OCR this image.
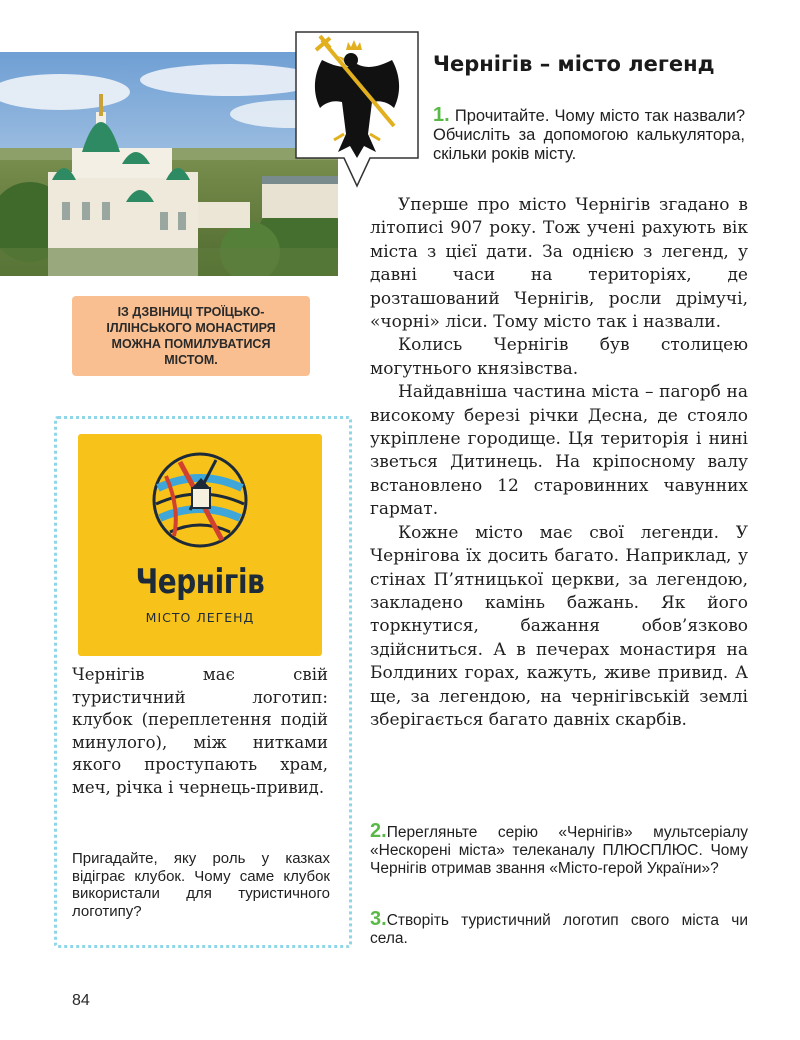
ІЗ ДЗВІНИЦІ ТРОЇЦЬКО-ІЛЛІНСЬКОГО МОНАСТИРЯ МОЖНА ПОМИЛУВАТИСЯ МІСТОМ.
Чернігів – місто легенд
1. Прочитайте. Чому місто так назвали? Обчисліть за допомогою калькулятора, скільки років місту.

Уперше про місто Чернігів згадано в літописі 907 року. Тож учені рахують вік міста з цієї дати. За однією з легенд, у давні часи на територіях, де розташований Чернігів, росли дрімучі, «чорні» ліси. Тому місто так і назвали.

Колись Чернігів був столицею могутнього князівства.

Найдавніша частина міста – пагорб на високому березі річки Десна, де стояло укріплене городище. Ця територія і нині зветься Дитинець. На кріпосному валу встановлено 12 старовинних чавунних гармат.

Кожне місто має свої легенди. У Чернігова їх досить багато. Наприклад, у стінах П’ятницької церкви, за легендою, закладено камінь бажань. Як його торкнутися, бажання обов’язково здійсниться. А в печерах монастиря на Болдиних горах, кажуть, живе привид. А ще, за легендою, на чернігівській землі зберігається багато давніх скарбів.

Чернігів
МІСТО ЛЕГЕНД
Чернігів має свій туристичний логотип: клубок (переплетення подій минулого), між нитками якого проступають храм, меч, річка і чернець-привид.
Пригадайте, яку роль у казках відіграє клубок. Чому саме клубок використали для туристичного логотипу?
2.Перегляньте серію «Чернігів» мультсеріалу «Нескорені міста» телеканалу ПЛЮСПЛЮС. Чому Чернігів отримав звання «Місто-герой України»?
3.Створіть туристичний логотип свого міста чи села.
84
